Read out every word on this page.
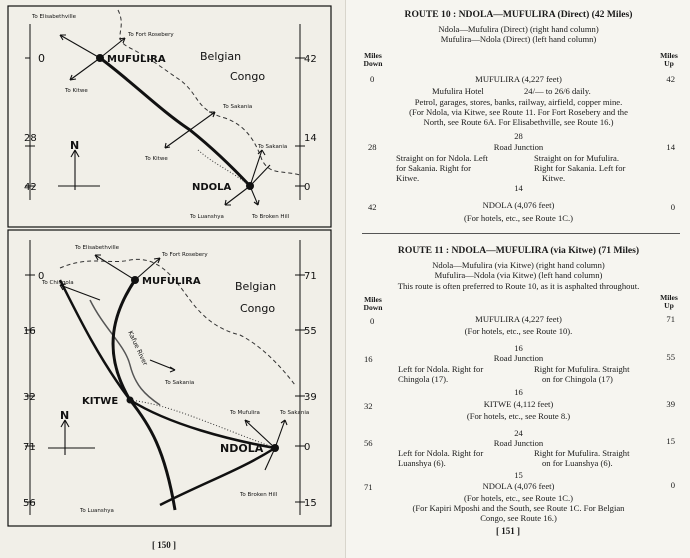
0
28
42
42
14
0
MUFULIRA
NDOLA
Belgian
Congo
N
To Elisabethville
To Fort Rosebery
To Kitwe
To Sakania
To Kitwe
To Sakania
To Luanshya	To Broken Hill
0
16
32
71
56
71
55
39
0
15
MUFULIRA
KITWE
NDOLA
Belgian
Congo
Kafue River
N
To Elisabethville
To Fort Rosebery
To Chingola
To Sakania
To Mufulira	To Sakania
To Broken Hill
To Luanshya
[ 150 ]
ROUTE 10 : NDOLA—MUFULIRA (Direct) (42 Miles)
Ndola—Mufulira (Direct) (right hand column)
Mufulira—Ndola (Direct) (left hand column)
Miles Down
Miles Up
0	MUFULIRA (4,227 feet)	42
Mufulira Hotel	24/— to 26/6 daily.
Petrol, garages, stores, banks, railway, airfield, copper mine.
(For Ndola, via Kitwe, see Route 11. For Fort Rosebery and the
North, see Route 6A. For Elisabethville, see Route 16.)
28
28	Road Junction	14
Straight on for Ndola. Left
for Sakania. Right for
Kitwe.
Straight on for Mufulira.
Right for Sakania. Left for
Kitwe.
14
42	NDOLA (4,076 feet)	0
(For hotels, etc., see Route 1C.)
ROUTE 11 : NDOLA—MUFULIRA (via Kitwe) (71 Miles)
Ndola—Mufulira (via Kitwe) (right hand column)
Mufulira—Ndola (via Kitwe) (left hand column)
This route is often preferred to Route 10, as it is asphalted throughout.
Miles Down
Miles Up
0	MUFULIRA (4,227 feet)	71
(For hotels, etc., see Route 10).
16
16	Road Junction	55
Left for Ndola. Right for
Chingola (17).
Right for Mufulira. Straight
on for Chingola (17)
16
32	KITWE (4,112 feet)	39
(For hotels, etc., see Route 8.)
24
56	Road Junction	15
Left for Ndola. Right for
Luanshya (6).
Right for Mufulira. Straight
on for Luanshya (6).
15
71	NDOLA (4,076 feet)	0
(For hotels, etc., see Route 1C.)
(For Kapiri Mposhi and the South, see Route 1C. For Belgian
Congo, see Route 16.)
[ 151 ]
